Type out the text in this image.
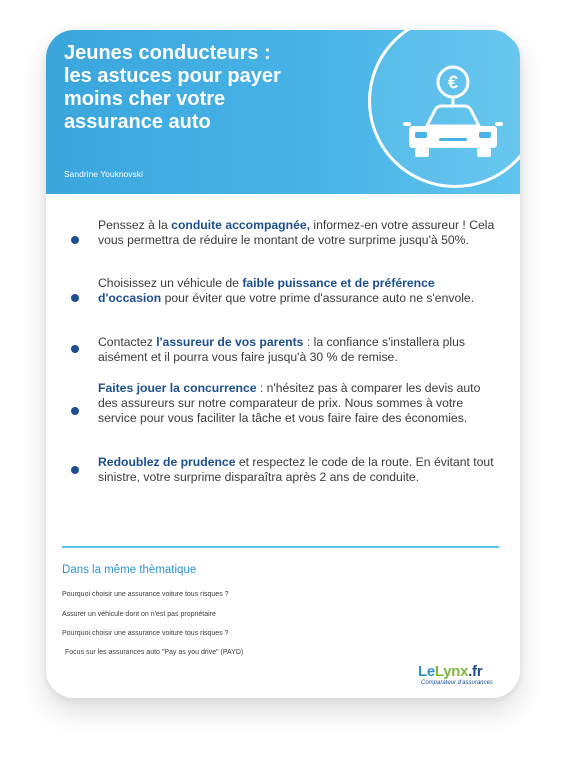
€
Jeunes conducteurs :
les astuces pour payer
moins cher votre
assurance auto
Sandrine Youknovski
Penssez à la conduite accompagnée, informez-en votre assureur ! Cela vous permettra de réduire le montant de votre surprime jusqu'à 50%.
Choisissez un véhicule de faible puissance et de préférence d'occasion pour éviter que votre prime d'assurance auto ne s'envole.
Contactez l'assureur de vos parents : la confiance s'installera plus aisément et il pourra vous faire jusqu'à 30 % de remise.
Faites jouer la concurrence : n'hésitez pas à comparer les devis auto des assureurs sur notre comparateur de prix. Nous sommes à votre service pour vous faciliter la tâche et vous faire faire des économies.
Redoublez de prudence et respectez le code de la route. En évitant tout sinistre, votre surprime disparaîtra après 2 ans de conduite.
Dans la même thèmatique
Pourquoi choisir une assurance voiture tous risques ?
Assurer un véhicule dont on n'est pas propriétaire
Pourquoi choisir une assurance voiture tous risques ?
Focus sur les assurances auto "Pay as you drive" (PAYD)
LeLynx.fr
Comparateur d'assurances
